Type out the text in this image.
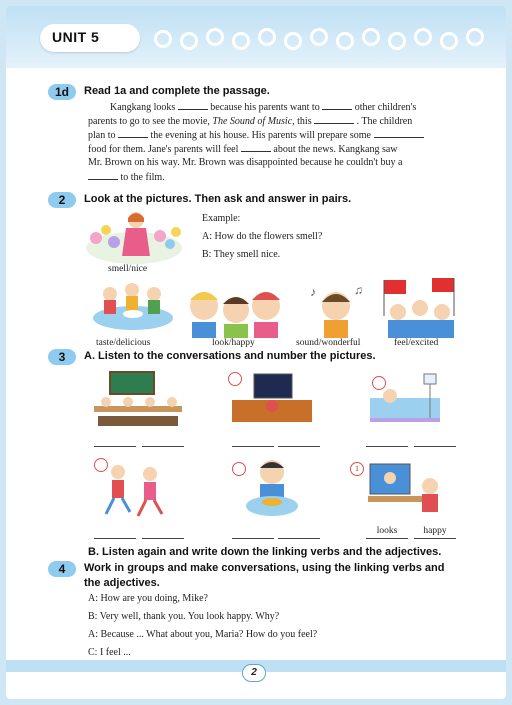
UNIT 5
1d	Read 1a and complete the passage.
Kangkang looks	because his parents want to	other children's
parents to go to see the movie, The Sound of Music, this	. The children
plan to	the evening at his house. His parents will prepare some
food for them. Jane's parents will feel	about the news. Kangkang saw
Mr. Brown on his way. Mr. Brown was disappointed because he couldn't buy a
to the film.
2	Look at the pictures. Then ask and answer in pairs.
smell/nice
Example:
A: How do the flowers smell?
B: They smell nice.
♪	♫
taste/delicious	look/happy	sound/wonderful	feel/excited
3	A. Listen to the conversations and number the pictures.
1
looks	happy
B. Listen again and write down the linking verbs and the adjectives.
4	Work in groups and make conversations, using the linking verbs and
the adjectives.
A: How are you doing, Mike?
B: Very well, thank you. You look happy. Why?
A: Because ... What about you, Maria? How do you feel?
C: I feel ...
2
